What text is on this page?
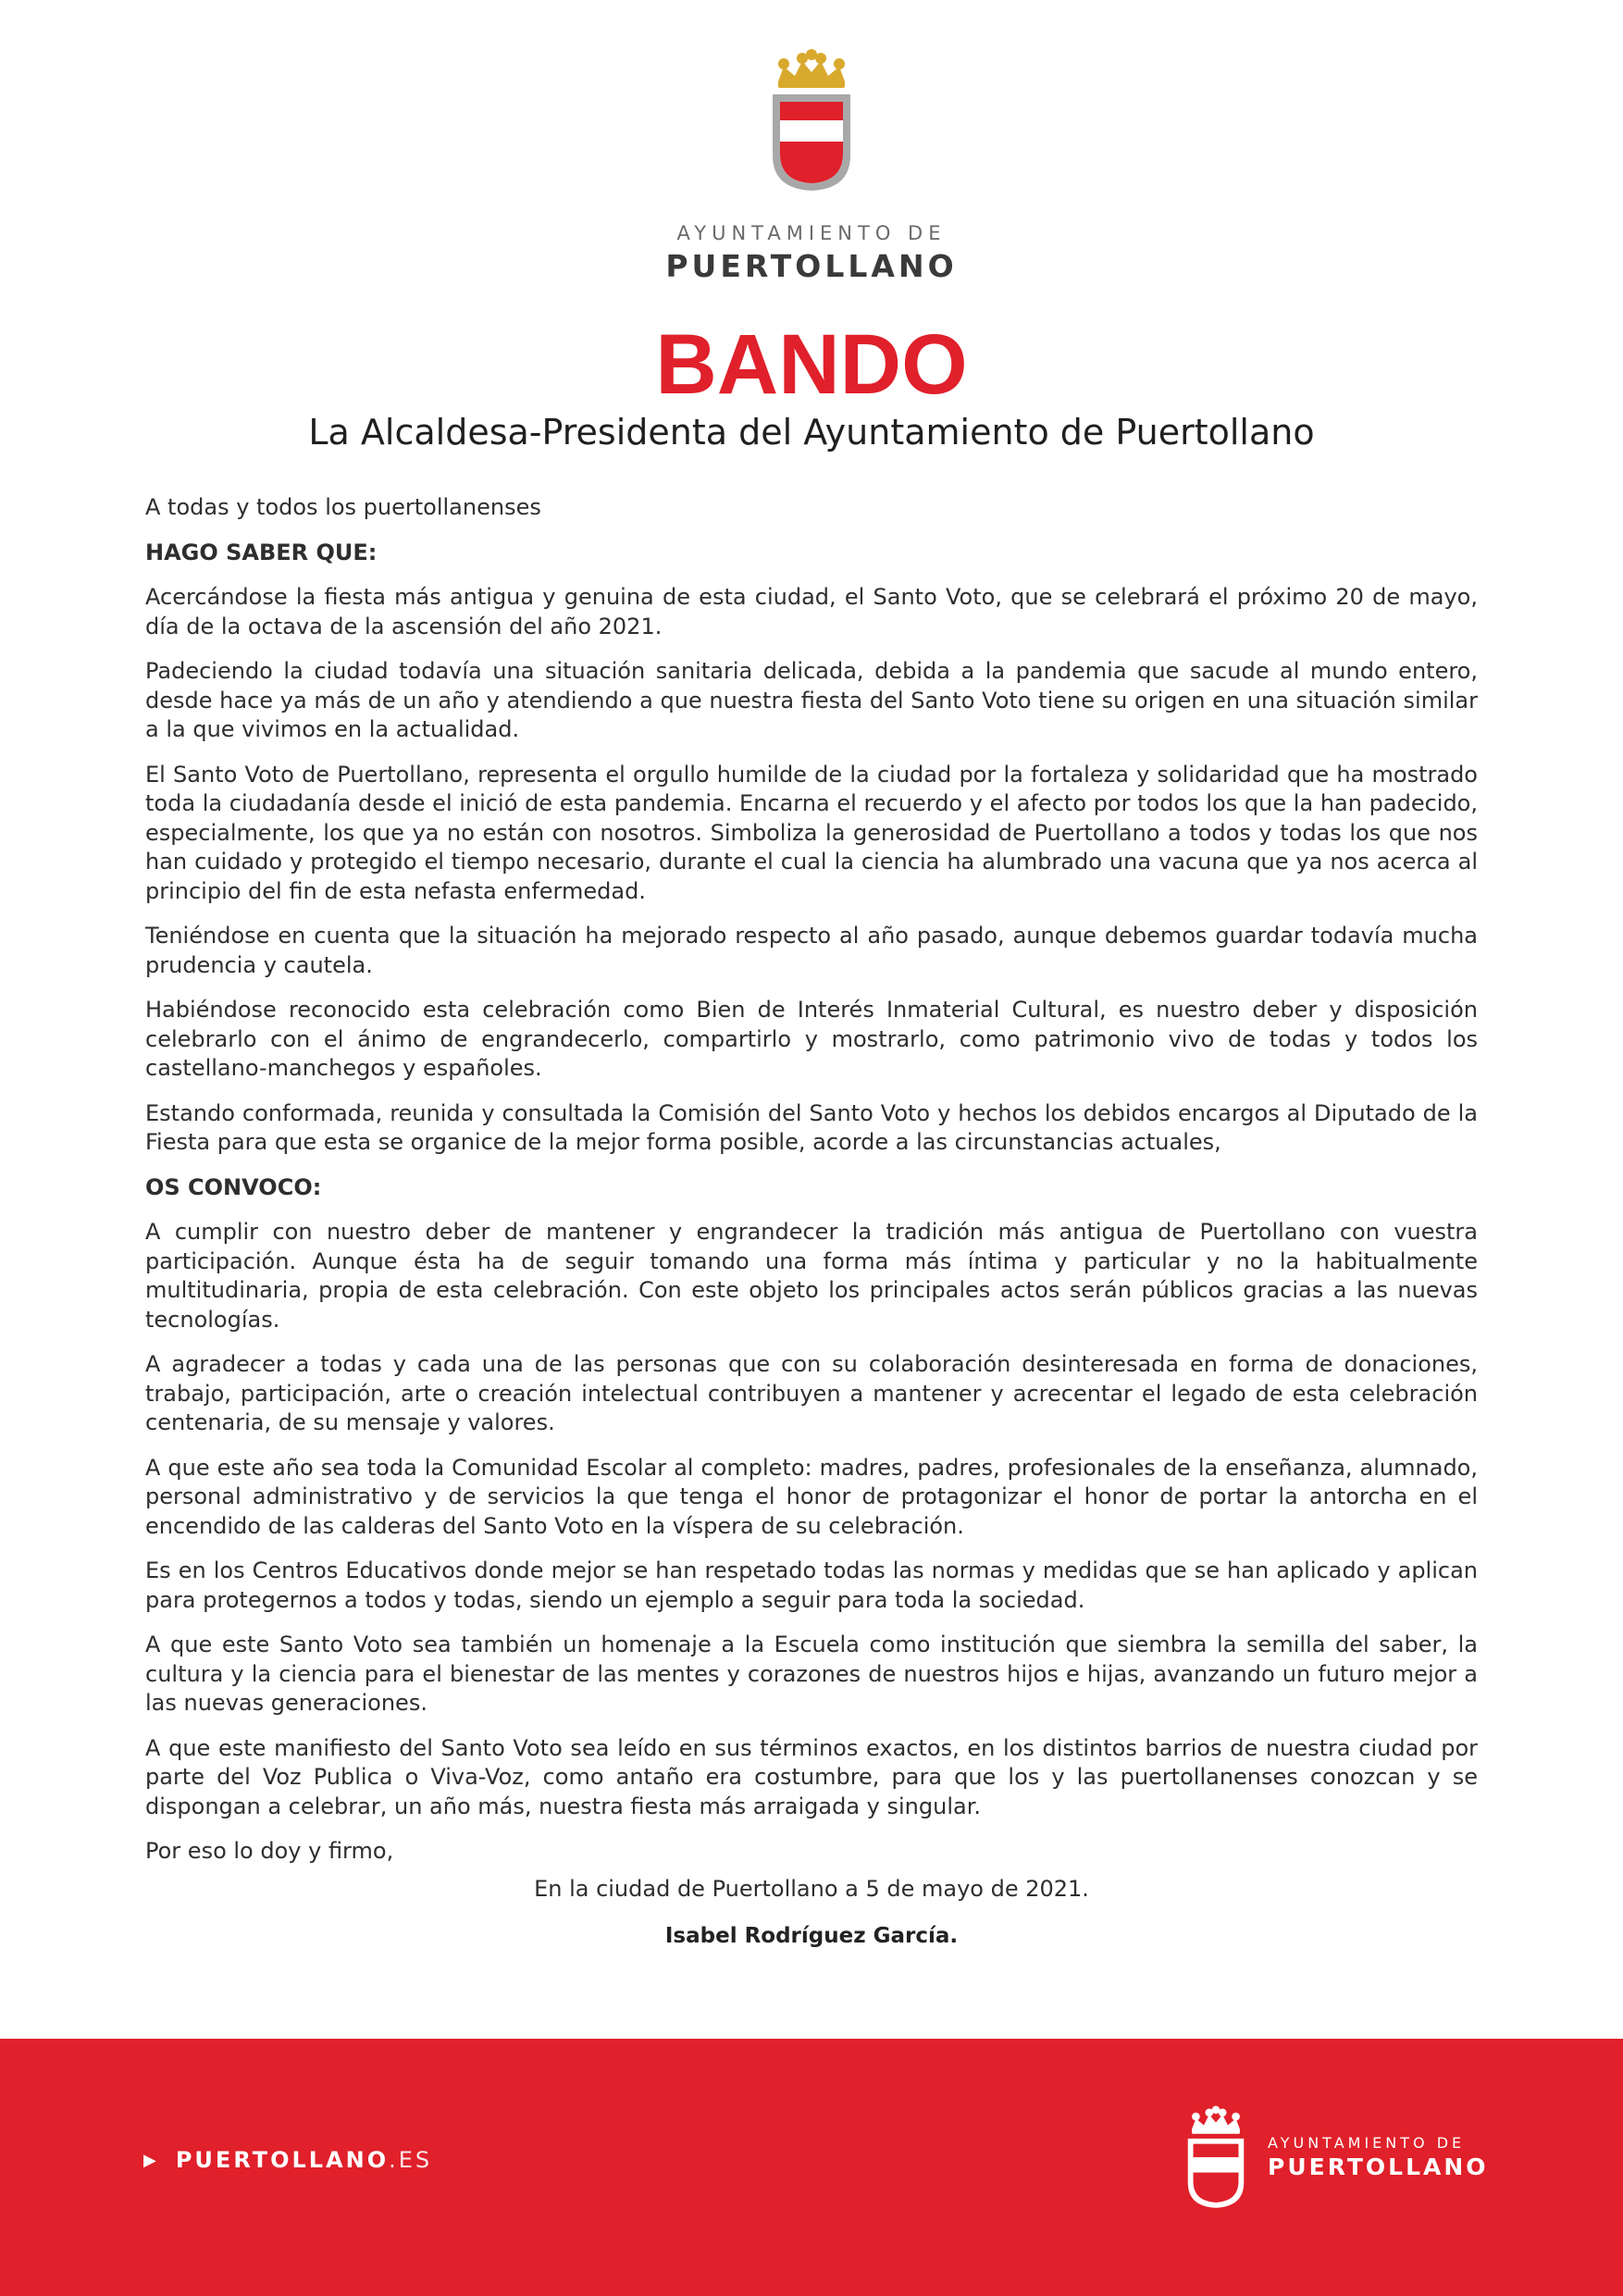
AYUNTAMIENTO DE
PUERTOLLANO
BANDO
La Alcaldesa-Presidenta del Ayuntamiento de Puertollano

A todas y todos los puertollanenses

HAGO SABER QUE:

Acercándose la fiesta más antigua y genuina de esta ciudad, el Santo Voto, que se celebrará el próximo 20 de mayo, día de la octava de la ascensión del año 2021.

Padeciendo la ciudad todavía una situación sanitaria delicada, debida a la pandemia que sacude al mundo entero, desde hace ya más de un año y atendiendo a que nuestra fiesta del Santo Voto tiene su origen en una situación similar a la que vivimos en la actualidad.

El Santo Voto de Puertollano, representa el orgullo humilde de la ciudad por la fortaleza y solidaridad que ha mostrado toda la ciudadanía desde el inició de esta pandemia. Encarna el recuerdo y el afecto por todos los que la han padecido, especialmente, los que ya no están con nosotros. Simboliza la generosidad de Puertollano a todos y todas los que nos han cuidado y protegido el tiempo necesario, durante el cual la ciencia ha alumbrado una vacuna que ya nos acerca al principio del fin de esta nefasta enfermedad.

Teniéndose en cuenta que la situación ha mejorado respecto al año pasado, aunque debemos guardar todavía mucha prudencia y cautela.

Habiéndose reconocido esta celebración como Bien de Interés Inmaterial Cultural, es nuestro deber y disposición celebrarlo con el ánimo de engrandecerlo, compartirlo y mostrarlo, como patrimonio vivo de todas y todos los castellano-manchegos y españoles.

Estando conformada, reunida y consultada la Comisión del Santo Voto y hechos los debidos encargos al Diputado de la Fiesta para que esta se organice de la mejor forma posible, acorde a las circunstancias actuales,

OS CONVOCO:

A cumplir con nuestro deber de mantener y engrandecer la tradición más antigua de Puertollano con vuestra participación. Aunque ésta ha de seguir tomando una forma más íntima y particular y no la habitualmente multitudinaria, propia de esta celebración. Con este objeto los principales actos serán públicos gracias a las nuevas tecnologías.

A agradecer a todas y cada una de las personas que con su colaboración desinteresada en forma de donaciones, trabajo, participación, arte o creación intelectual contribuyen a mantener y acrecentar el legado de esta celebración centenaria, de su mensaje y valores.

A que este año sea toda la Comunidad Escolar al completo: madres, padres, profesionales de la enseñanza, alumnado, personal administrativo y de servicios la que tenga el honor de protagonizar el honor de portar la antorcha en el encendido de las calderas del Santo Voto en la víspera de su celebración.

Es en los Centros Educativos donde mejor se han respetado todas las normas y medidas que se han aplicado y aplican para protegernos a todos y todas, siendo un ejemplo a seguir para toda la sociedad.

A que este Santo Voto sea también un homenaje a la Escuela como institución que siembra la semilla del saber, la cultura y la ciencia para el bienestar de las mentes y corazones de nuestros hijos e hijas, avanzando un futuro mejor a las nuevas generaciones.

A que este manifiesto del Santo Voto sea leído en sus términos exactos, en los distintos barrios de nuestra ciudad por parte del Voz Publica o Viva-Voz, como antaño era costumbre, para que los y las puertollanenses conozcan y se dispongan a celebrar, un año más, nuestra fiesta más arraigada y singular.

Por eso lo doy y firmo,

En la ciudad de Puertollano a 5 de mayo de 2021.
Isabel Rodríguez García.
▶ PUERTOLLANO .ES
AYUNTAMIENTO DE
PUERTOLLANO
